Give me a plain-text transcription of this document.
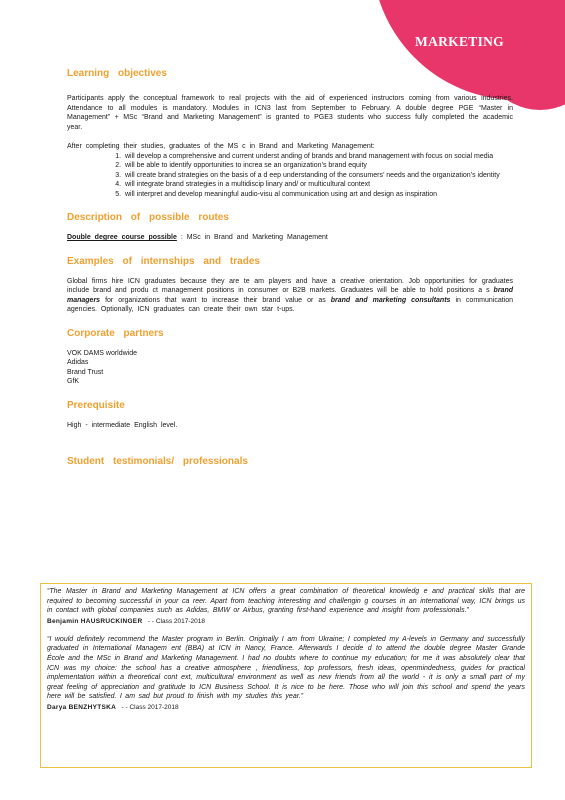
MARKETING
Learning objectives

Participants apply the conceptual framework to real projects with the aid of experienced instructors coming from various industries. Attendance to all modules is mandatory. Modules in ICN3 last from September to February. A double degree PGE “Master in Management” + MSc “Brand and Marketing Management” is granted to PGE3 students who success fully completed the academic year.

After completing their studies, graduates of the MS c in Brand and Marketing Management:

1. will develop a comprehensive and current underst anding of brands and brand management with focus on social media
2. will be able to identify opportunities to increa se an organization’s brand equity
3. will create brand strategies on the basis of a d eep understanding of the consumers’ needs and the organization’s identity
4. will integrate brand strategies in a multidiscip linary and/ or multicultural context
5. will interpret and develop meaningful audio-visu al communication using art and design as inspiration
Description of possible routes

Double degree course possible : MSc in Brand and Marketing Management

Examples of internships and trades

Global firms hire ICN graduates because they are te am players and have a creative orientation. Job opportunities for graduates include brand and produ ct management positions in consumer or B2B markets. Graduates will be able to hold positions a s brand managers for organizations that want to increase their brand value or as brand and marketing consultants in communication agencies. Optionally, ICN graduates can create their own star t-ups.

Corporate partners
VOK DAMS worldwide
Adidas
Brand Trust
GfK
Prerequisite

High - intermediate English level.

Student testimonials/ professionals

“The Master in Brand and Marketing Management at ICN offers a great combination of theoretical knowledg e and practical skills that are required to becoming successful in your ca reer. Apart from teaching interesting and challengin g courses in an international way, ICN brings us in contact with global companies such as Adidas, BMW or Airbus, granting first-hand experience and insight from professionals.”

Benjamin HAUSRUCKINGER - - Class 2017-2018

“I would definitely recommend the Master program in Berlin. Originally I am from Ukraine; I completed my A-levels in Germany and successfully graduated in International Managem ent (BBA) at ICN in Nancy, France. Afterwards I decide d to attend the double degree Master Grande École and the MSc in Brand and Marketing Management. I had no doubts where to continue my education; for me it was absolutely clear that ICN was my choice: the school has a creative atmosphere , friendliness, top professors, fresh ideas, openmindedness, guides for practical implementation within a theoretical cont ext, multicultural environment as well as new friends from all the world - it is only a small part of my great feeling of appreciation and gratitude to ICN Business School. It is nice to be here. Those who will join this school and spend the years here will be satisfied. I am sad but proud to finish with my studies this year.”

Darya BENZHYTSKA - - Class 2017-2018
